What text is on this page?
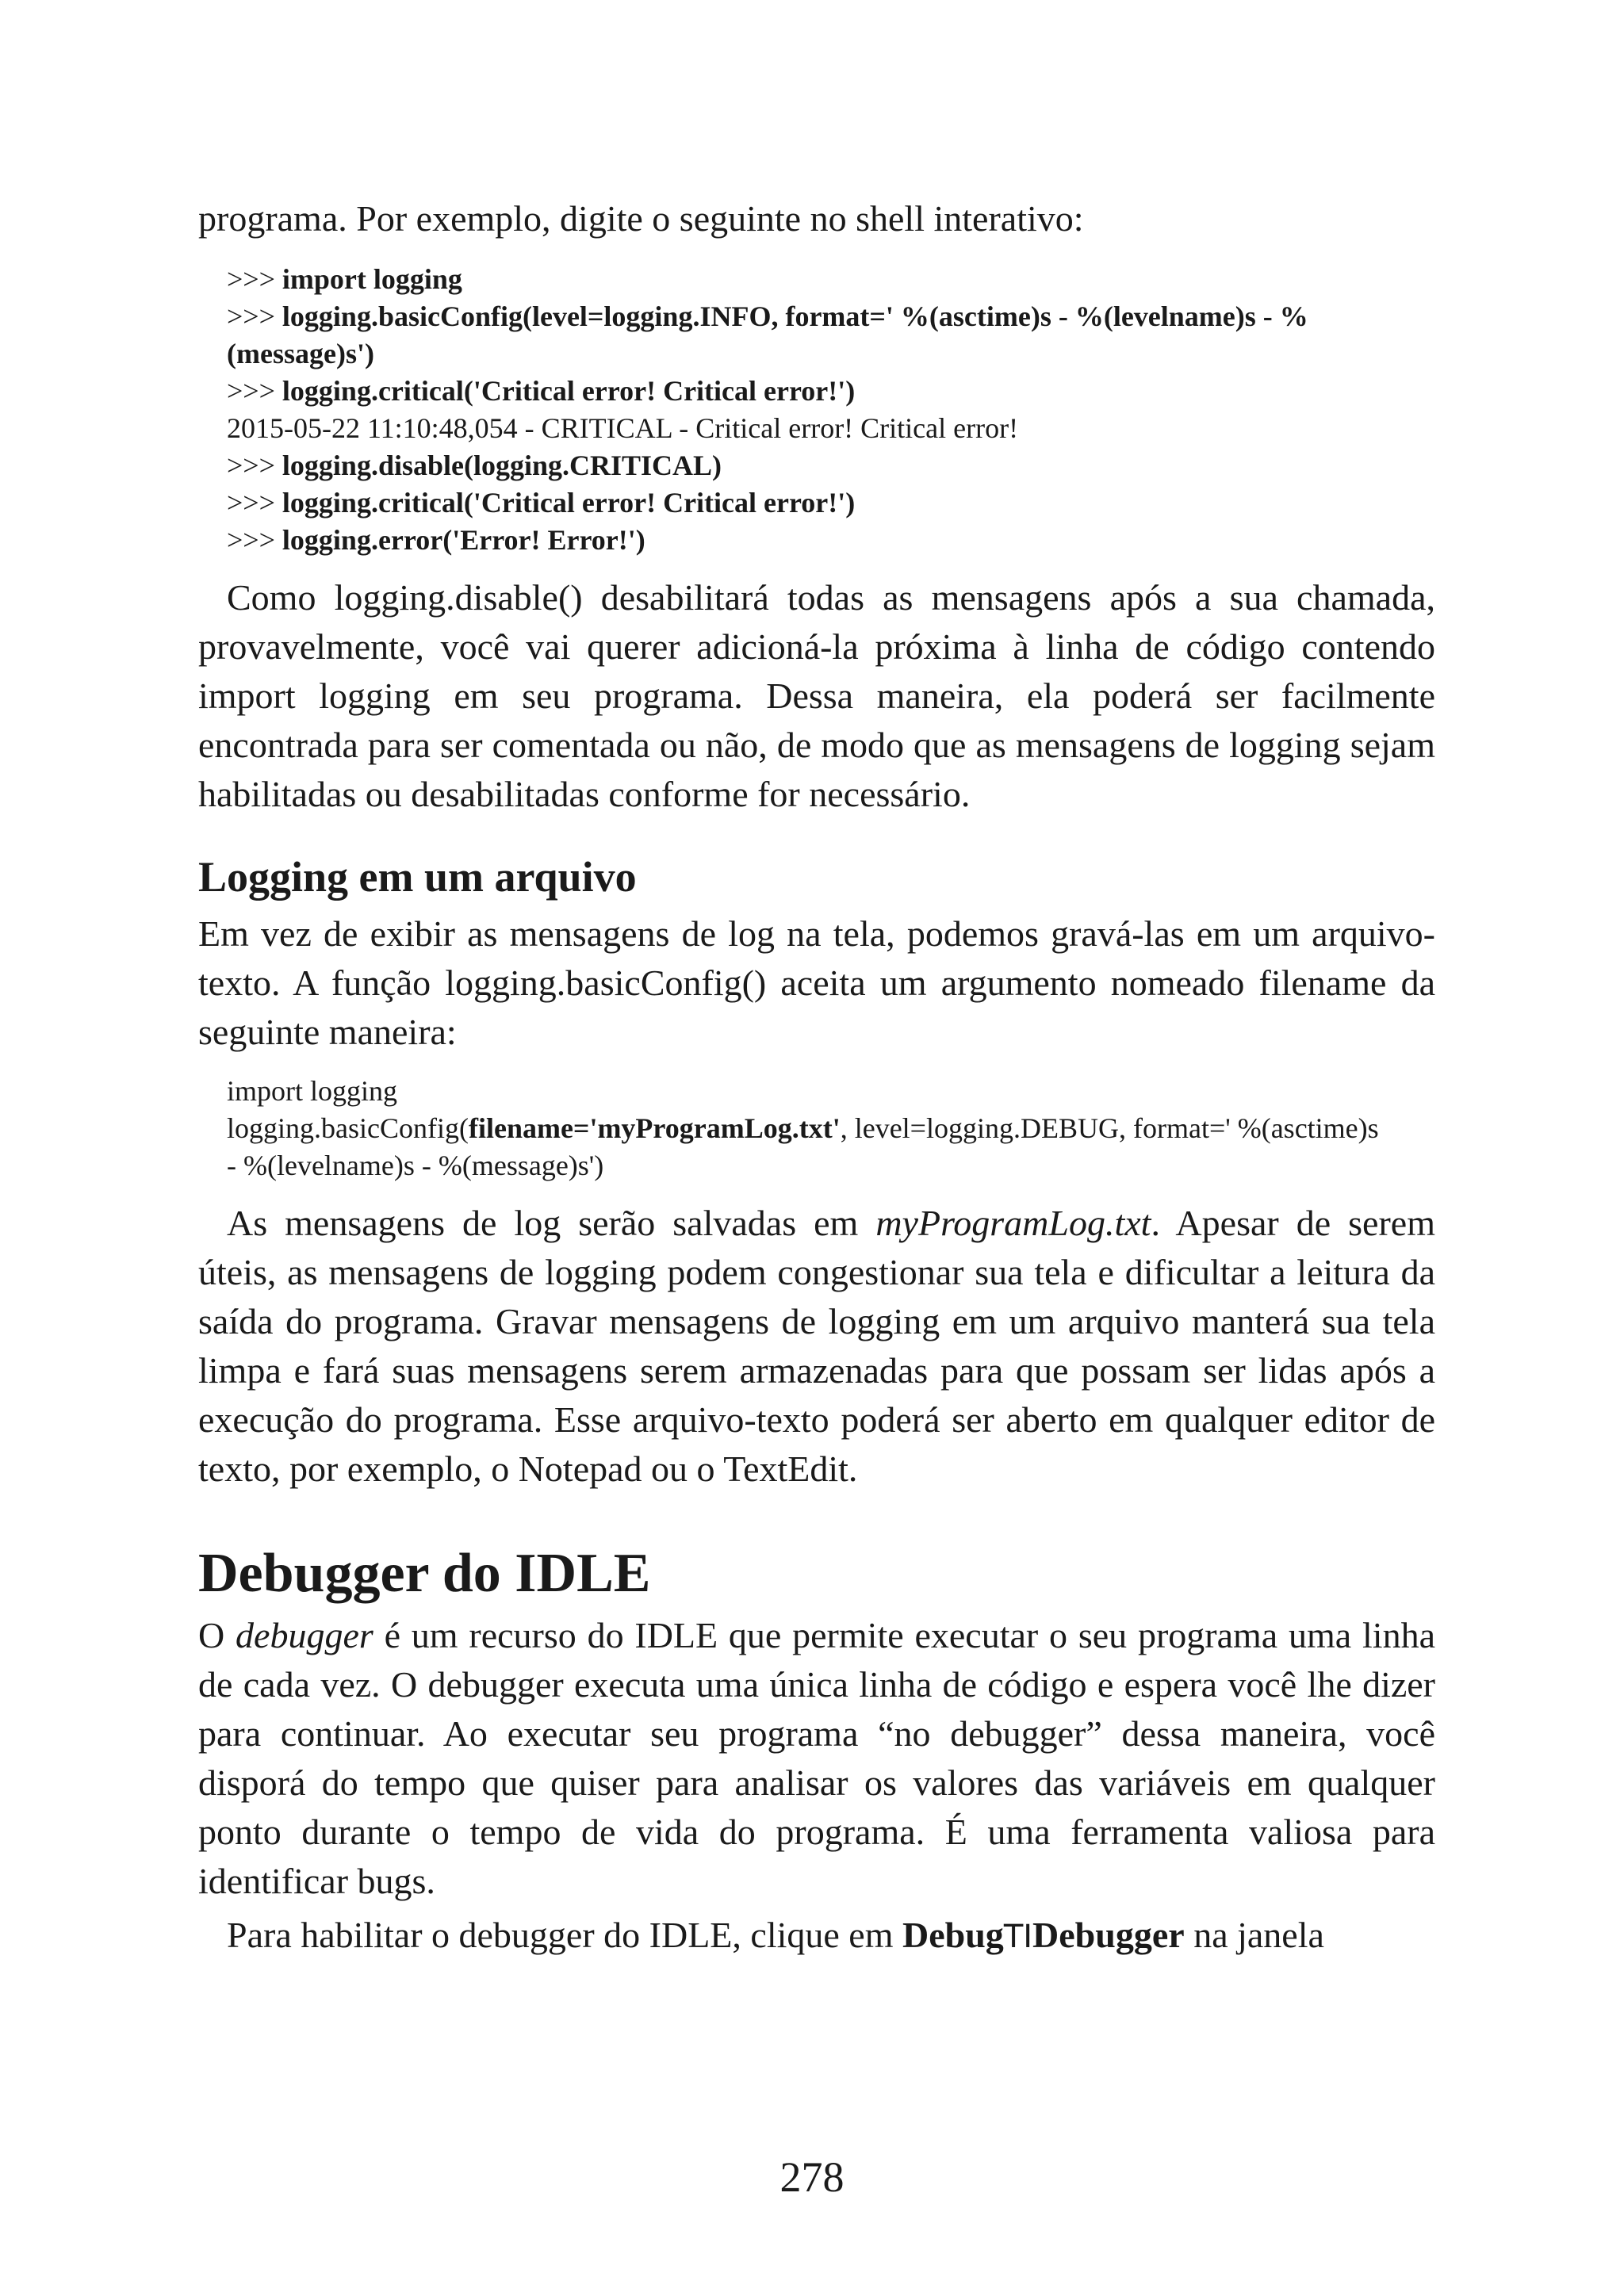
programa. Por exemplo, digite o seguinte no shell interativo:

>>> import logging
>>> logging.basicConfig(level=logging.INFO, format=' %(asctime)s - %(levelname)s - %
(message)s')
>>> logging.critical('Critical error! Critical error!')
2015-05-22 11:10:48,054 - CRITICAL - Critical error! Critical error!
>>> logging.disable(logging.CRITICAL)
>>> logging.critical('Critical error! Critical error!')
>>> logging.error('Error! Error!')

Como logging.disable() desabilitará todas as mensagens após a sua chamada, provavelmente, você vai querer adicioná-la próxima à linha de código contendo import logging em seu programa. Dessa maneira, ela poderá ser facilmente encontrada para ser comentada ou não, de modo que as mensagens de logging sejam habilitadas ou desabilitadas conforme for necessário.

Logging em um arquivo

Em vez de exibir as mensagens de log na tela, podemos gravá-las em um arquivo-texto. A função logging.basicConfig() aceita um argumento nomeado filename da seguinte maneira:

import logging
logging.basicConfig(filename='myProgramLog.txt', level=logging.DEBUG, format=' %(asctime)s
- %(levelname)s - %(message)s')

As mensagens de log serão salvadas em myProgramLog.txt. Apesar de serem úteis, as mensagens de logging podem congestionar sua tela e dificultar a leitura da saída do programa. Gravar mensagens de logging em um arquivo manterá sua tela limpa e fará suas mensagens serem armazenadas para que possam ser lidas após a execução do programa. Esse arquivo-texto poderá ser aberto em qualquer editor de texto, por exemplo, o Notepad ou o TextEdit.

Debugger do IDLE

O debugger é um recurso do IDLE que permite executar o seu programa uma linha de cada vez. O debugger executa uma única linha de código e espera você lhe dizer para continuar. Ao executar seu programa “no debugger” dessa maneira, você disporá do tempo que quiser para analisar os valores das variáveis em qualquer ponto durante o tempo de vida do programa. É uma ferramenta valiosa para identificar bugs.

Para habilitar o debugger do IDLE, clique em DebugTIDebugger na janela

278
